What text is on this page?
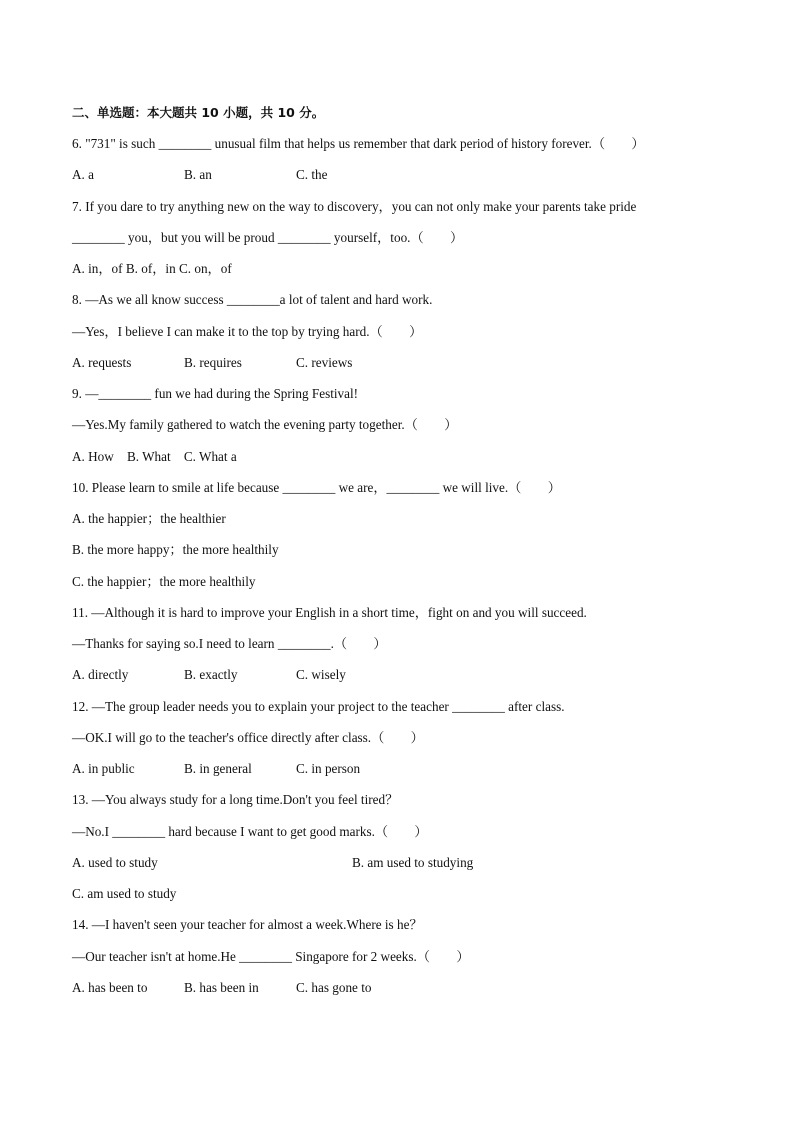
二、单选题：本大题共 10 小题，共 10 分。
6. "731" is such ________ unusual film that helps us remember that dark period of history forever.（　　）
A. a	B. an	C. the
7. If you dare to try anything new on the way to discovery，you can not only make your parents take pride
________ you，but you will be proud ________ yourself，too.（　　）
A. in，of B. of，in C. on，of
8. —As we all know success ________a lot of talent and hard work.
—Yes，I believe I can make it to the top by trying hard.（　　）
A. requests	B. requires	C. reviews
9. —________ fun we had during the Spring Festival!
—Yes.My family gathered to watch the evening party together.（　　）
A. How　B. What　C. What a
10. Please learn to smile at life because ________ we are，________ we will live.（　　）
A. the happier；the healthier
B. the more happy；the more healthily
C. the happier；the more healthily
11. —Although it is hard to improve your English in a short time，fight on and you will succeed.
—Thanks for saying so.I need to learn ________.（　　）
A. directly	B. exactly	C. wisely
12. —The group leader needs you to explain your project to the teacher ________ after class.
—OK.I will go to the teacher's office directly after class.（　　）
A. in public	B. in general	C. in person
13. —You always study for a long time.Don't you feel tired？
—No.I ________ hard because I want to get good marks.（　　）
A. used to study	B. am used to studying
C. am used to study
14. —I haven't seen your teacher for almost a week.Where is he？
—Our teacher isn't at home.He ________ Singapore for 2 weeks.（　　）
A. has been to	B. has been in	C. has gone to
